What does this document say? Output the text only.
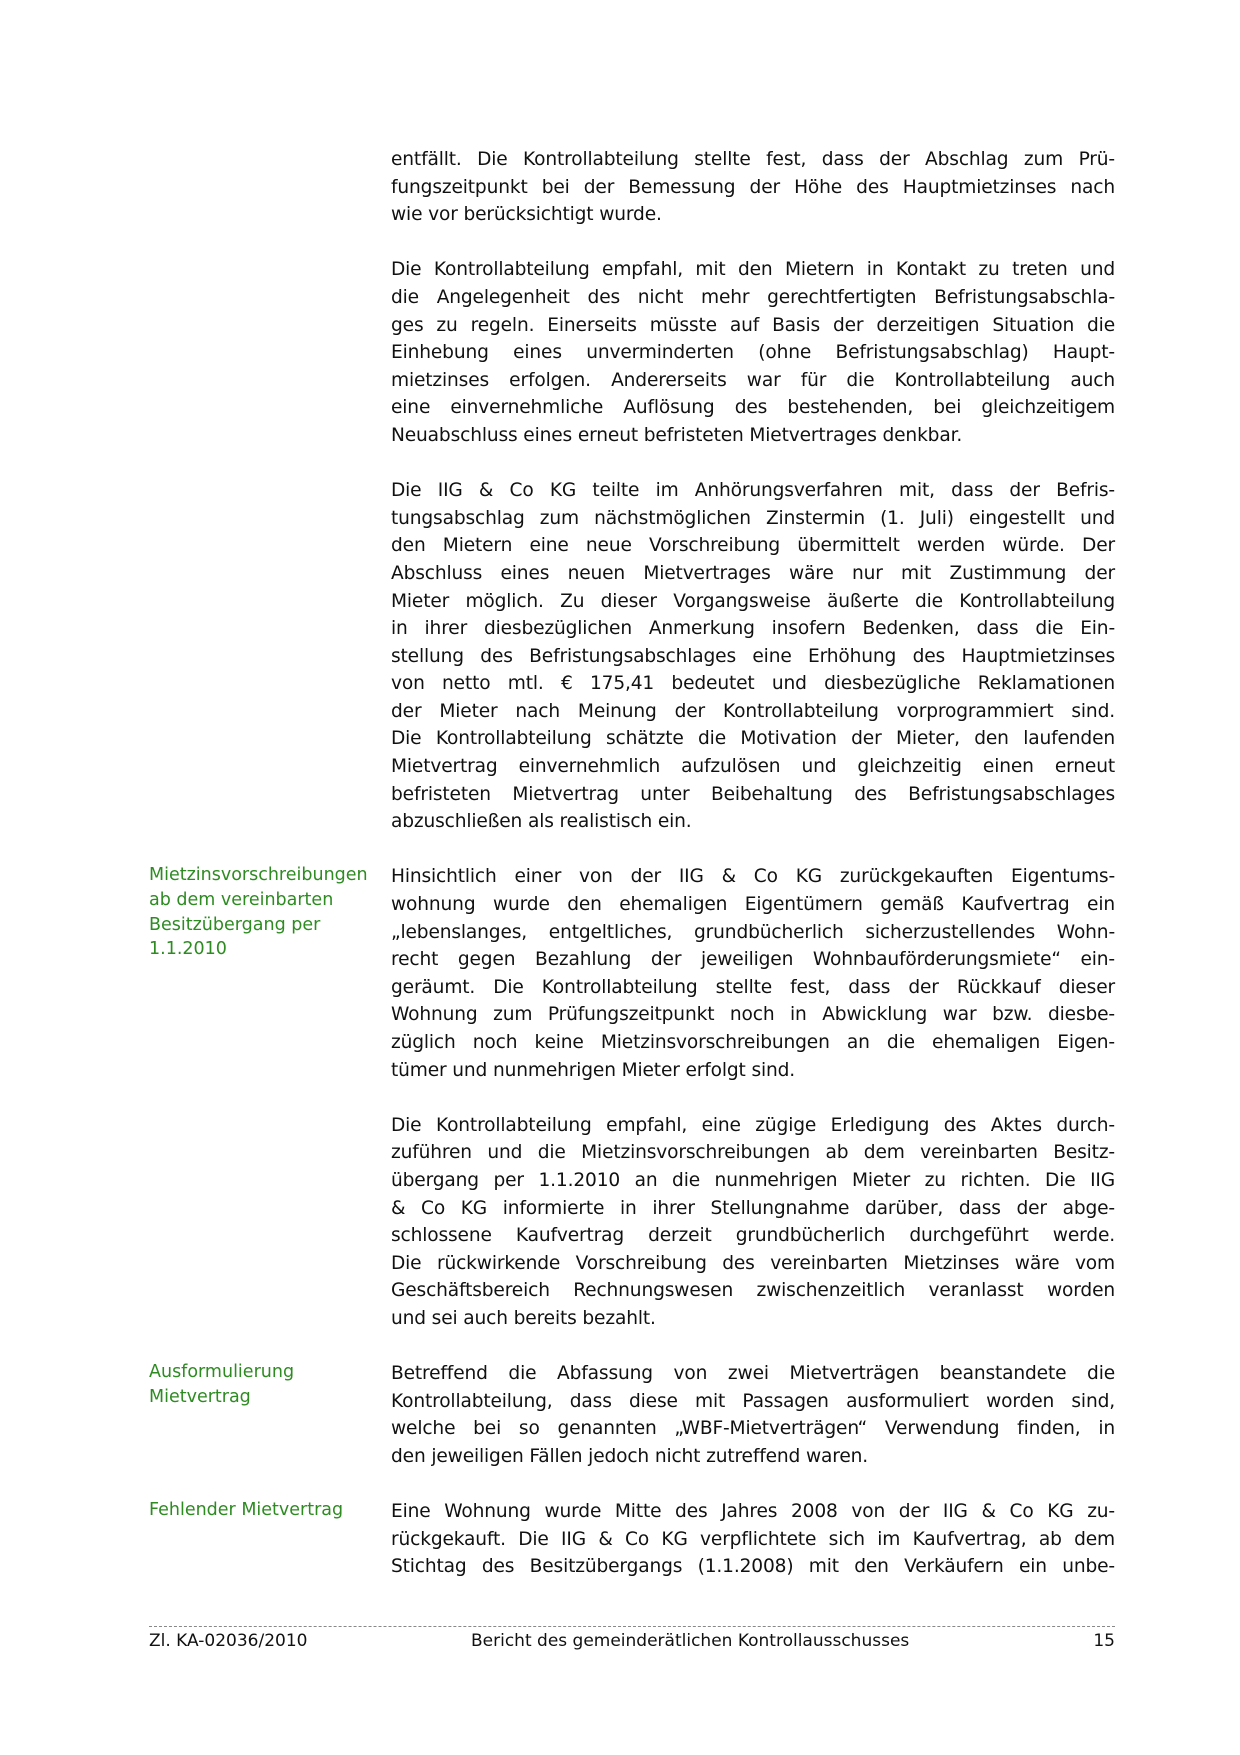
entfällt. Die Kontrollabteilung stellte fest, dass der Abschlag zum Prü-
fungszeitpunkt bei der Bemessung der Höhe des Hauptmietzinses nach
wie vor berücksichtigt wurde.
Die Kontrollabteilung empfahl, mit den Mietern in Kontakt zu treten und
die Angelegenheit des nicht mehr gerechtfertigten Befristungsabschla-
ges zu regeln. Einerseits müsste auf Basis der derzeitigen Situation die
Einhebung eines unverminderten (ohne Befristungsabschlag) Haupt-
mietzinses erfolgen. Andererseits war für die Kontrollabteilung auch
eine einvernehmliche Auflösung des bestehenden, bei gleichzeitigem
Neuabschluss eines erneut befristeten Mietvertrages denkbar.
Die IIG & Co KG teilte im Anhörungsverfahren mit, dass der Befris-
tungsabschlag zum nächstmöglichen Zinstermin (1. Juli) eingestellt und
den Mietern eine neue Vorschreibung übermittelt werden würde. Der
Abschluss eines neuen Mietvertrages wäre nur mit Zustimmung der
Mieter möglich. Zu dieser Vorgangsweise äußerte die Kontrollabteilung
in ihrer diesbezüglichen Anmerkung insofern Bedenken, dass die Ein-
stellung des Befristungsabschlages eine Erhöhung des Hauptmietzinses
von netto mtl. € 175,41 bedeutet und diesbezügliche Reklamationen
der Mieter nach Meinung der Kontrollabteilung vorprogrammiert sind.
Die Kontrollabteilung schätzte die Motivation der Mieter, den laufenden
Mietvertrag einvernehmlich aufzulösen und gleichzeitig einen erneut
befristeten Mietvertrag unter Beibehaltung des Befristungsabschlages
abzuschließen als realistisch ein.
Mietzinsvorschreibungen
ab dem vereinbarten
Besitzübergang per
1.1.2010
Hinsichtlich einer von der IIG & Co KG zurückgekauften Eigentums-
wohnung wurde den ehemaligen Eigentümern gemäß Kaufvertrag ein
„lebenslanges, entgeltliches, grundbücherlich sicherzustellendes Wohn-
recht gegen Bezahlung der jeweiligen Wohnbauförderungsmiete“ ein-
geräumt. Die Kontrollabteilung stellte fest, dass der Rückkauf dieser
Wohnung zum Prüfungszeitpunkt noch in Abwicklung war bzw. diesbe-
züglich noch keine Mietzinsvorschreibungen an die ehemaligen Eigen-
tümer und nunmehrigen Mieter erfolgt sind.
Die Kontrollabteilung empfahl, eine zügige Erledigung des Aktes durch-
zuführen und die Mietzinsvorschreibungen ab dem vereinbarten Besitz-
übergang per 1.1.2010 an die nunmehrigen Mieter zu richten. Die IIG
& Co KG informierte in ihrer Stellungnahme darüber, dass der abge-
schlossene Kaufvertrag derzeit grundbücherlich durchgeführt werde.
Die rückwirkende Vorschreibung des vereinbarten Mietzinses wäre vom
Geschäftsbereich Rechnungswesen zwischenzeitlich veranlasst worden
und sei auch bereits bezahlt.
Ausformulierung
Mietvertrag
Betreffend die Abfassung von zwei Mietverträgen beanstandete die
Kontrollabteilung, dass diese mit Passagen ausformuliert worden sind,
welche bei so genannten „WBF-Mietverträgen“ Verwendung finden, in
den jeweiligen Fällen jedoch nicht zutreffend waren.
Fehlender Mietvertrag	Eine Wohnung wurde Mitte des Jahres 2008 von der IIG & Co KG zu-
rückgekauft. Die IIG & Co KG verpflichtete sich im Kaufvertrag, ab dem
Stichtag des Besitzübergangs (1.1.2008) mit den Verkäufern ein unbe-
Zl. KA-02036/2010	Bericht des gemeinderätlichen Kontrollausschusses	15
